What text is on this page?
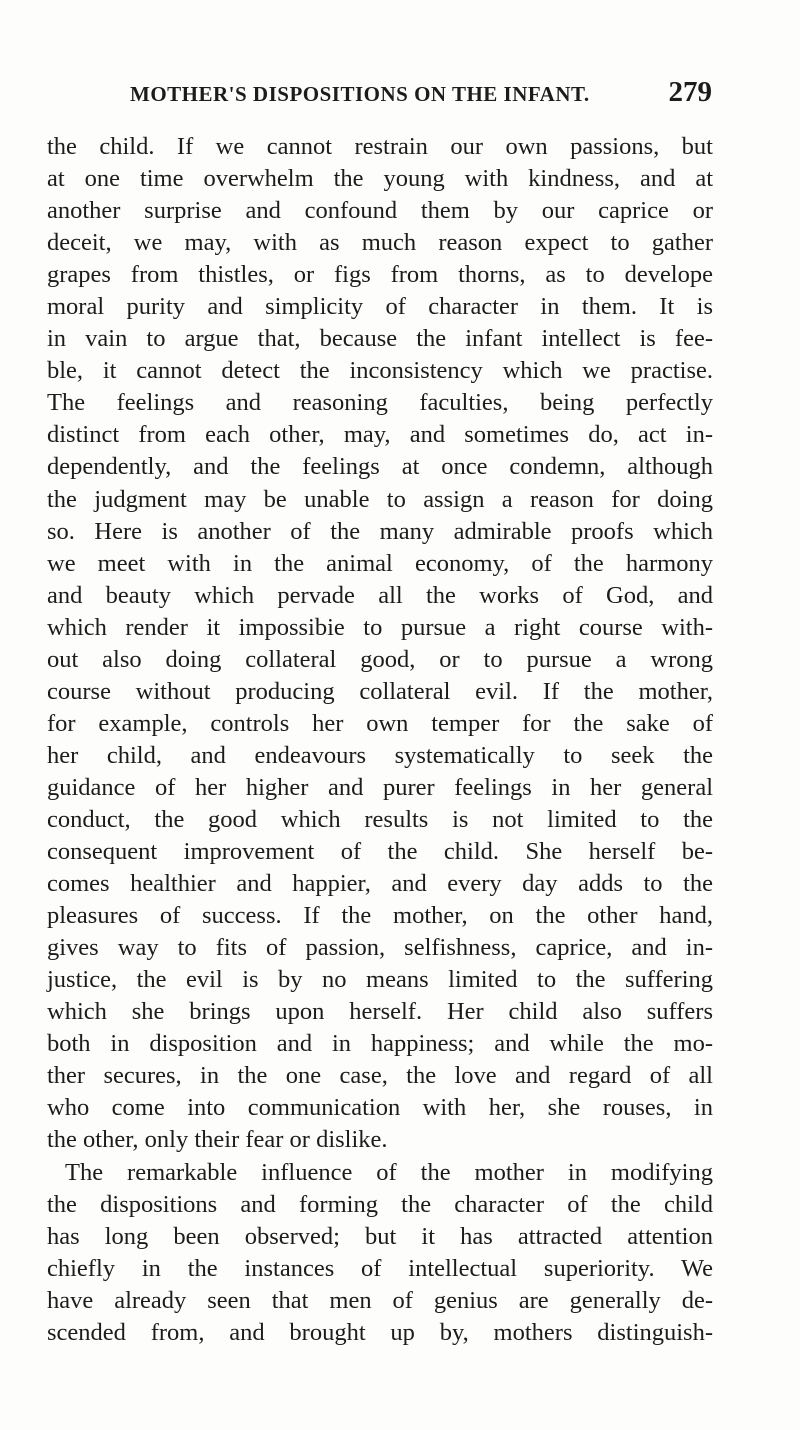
MOTHER'S DISPOSITIONS ON THE INFANT.	279
the child. If we cannot restrain our own passions, but
at one time overwhelm the young with kindness, and at
another surprise and confound them by our caprice or
deceit, we may, with as much reason expect to gather
grapes from thistles, or figs from thorns, as to develope
moral purity and simplicity of character in them. It is
in vain to argue that, because the infant intellect is fee-
ble, it cannot detect the inconsistency which we practise.
The feelings and reasoning faculties, being perfectly
distinct from each other, may, and sometimes do, act in-
dependently, and the feelings at once condemn, although
the judgment may be unable to assign a reason for doing
so. Here is another of the many admirable proofs which
we meet with in the animal economy, of the harmony
and beauty which pervade all the works of God, and
which render it impossibie to pursue a right course with-
out also doing collateral good, or to pursue a wrong
course without producing collateral evil. If the mother,
for example, controls her own temper for the sake of
her child, and endeavours systematically to seek the
guidance of her higher and purer feelings in her general
conduct, the good which results is not limited to the
consequent improvement of the child. She herself be-
comes healthier and happier, and every day adds to the
pleasures of success. If the mother, on the other hand,
gives way to fits of passion, selfishness, caprice, and in-
justice, the evil is by no means limited to the suffering
which she brings upon herself. Her child also suffers
both in disposition and in happiness; and while the mo-
ther secures, in the one case, the love and regard of all
who come into communication with her, she rouses, in
the other, only their fear or dislike.
The remarkable influence of the mother in modifying
the dispositions and forming the character of the child
has long been observed; but it has attracted attention
chiefly in the instances of intellectual superiority. We
have already seen that men of genius are generally de-
scended from, and brought up by, mothers distinguish-
